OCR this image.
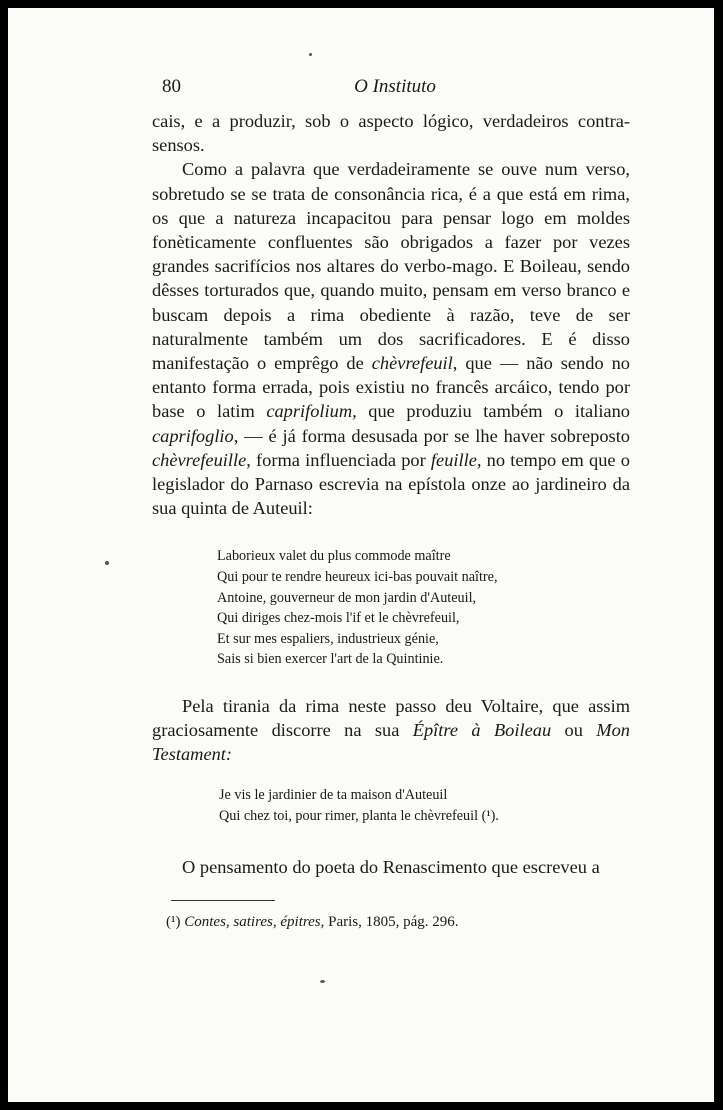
80	O Instituto

cais, e a produzir, sob o aspecto lógico, verdadeiros contra-sensos.

Como a palavra que verdadeiramente se ouve num verso, sobretudo se se trata de consonância rica, é a que está em rima, os que a natureza incapacitou para pensar logo em moldes fonèticamente confluentes são obrigados a fazer por vezes grandes sacrifícios nos altares do verbo-mago. E Boileau, sendo dêsses torturados que, quando muito, pensam em verso branco e buscam depois a rima obediente à razão, teve de ser naturalmente também um dos sacrificadores. E é disso manifestação o emprêgo de chèvrefeuil, que — não sendo no entanto forma errada, pois existiu no francês arcáico, tendo por base o latim caprifolium, que produziu também o italiano caprifoglio, — é já forma desusada por se lhe haver sobreposto chèvrefeuille, forma influenciada por feuille, no tempo em que o legislador do Parnaso escrevia na epístola onze ao jardineiro da sua quinta de Auteuil:

Laborieux valet du plus commode maître
Qui pour te rendre heureux ici-bas pouvait naître,
Antoine, gouverneur de mon jardin d'Auteuil,
Qui diriges chez-mois l'if et le chèvrefeuil,
Et sur mes espaliers, industrieux génie,
Sais si bien exercer l'art de la Quintinie.

Pela tirania da rima neste passo deu Voltaire, que assim graciosamente discorre na sua Épître à Boileau ou Mon Testament:

Je vis le jardinier de ta maison d'Auteuil
Qui chez toi, pour rimer, planta le chèvrefeuil (¹).

O pensamento do poeta do Renascimento que escreveu a

(¹) Contes, satires, épitres, Paris, 1805, pág. 296.
